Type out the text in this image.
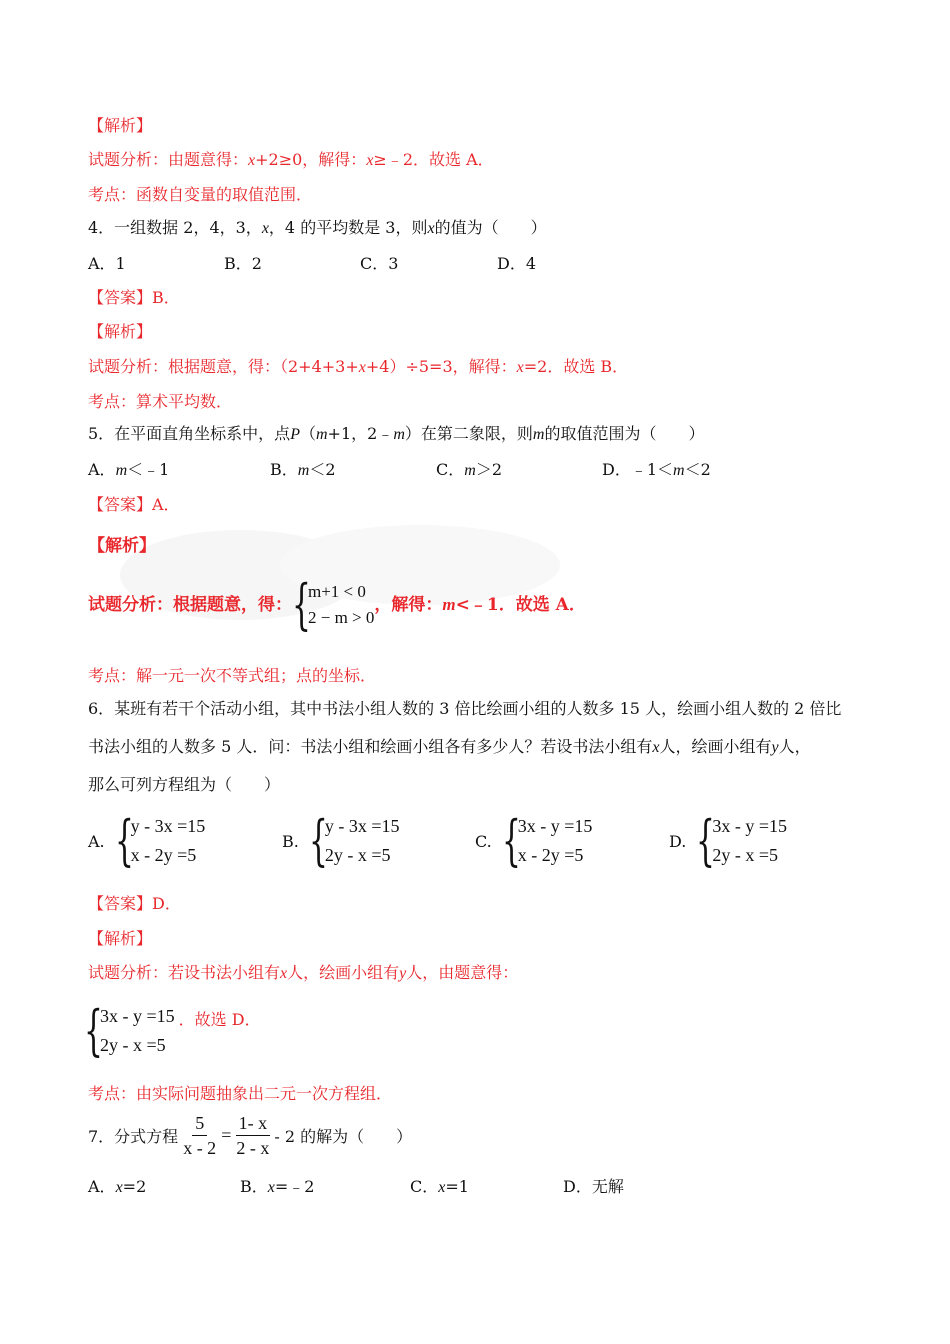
【解析】
试题分析：由题意得：x+2≥0，解得：x≥﹣2．故选 A．
考点：函数自变量的取值范围．
4．一组数据 2，4，3，x，4 的平均数是 3，则x的值为（　　）
A．1	B．2	C．3	D．4
【答案】B．
【解析】
试题分析：根据题意，得：（2+4+3+x+4）÷5=3，解得：x=2．故选 B．
考点：算术平均数．
5．在平面直角坐标系中，点P（m+1，2﹣m）在第二象限，则m的取值范围为（　　）
A．m＜﹣1	B．m＜2	C．m＞2	D．﹣1＜m＜2
【答案】A．
【解析】
试题分析：根据题意，得： {
m+1 < 0
2 − m > 0
，解得： m <﹣1．故选 A．
考点：解一元一次不等式组；点的坐标．
6．某班有若干个活动小组，其中书法小组人数的 3 倍比绘画小组的人数多 15 人，绘画小组人数的 2 倍比
书法小组的人数多 5 人．问：书法小组和绘画小组各有多少人？若设书法小组有x人，绘画小组有y人，
那么可列方程组为（　　）
A. {
y - 3x =15
x - 2y =5
B. {
y - 3x =15
2y - x =5
C. {
3x - y =15
x - 2y =5
D. {
3x - y =15
2y - x =5
【答案】D．
【解析】
试题分析：若设书法小组有x人，绘画小组有y人，由题意得：
{
3x - y =15
2y - x =5
．故选 D．
考点：由实际问题抽象出二元一次方程组．
7．分式方程 $\frac{5}{x - 2} = \frac{1- x}{2 - x} - 2$ 的解为（　　）
A．x=2	B．x=﹣2	C．x=1	D．无解
